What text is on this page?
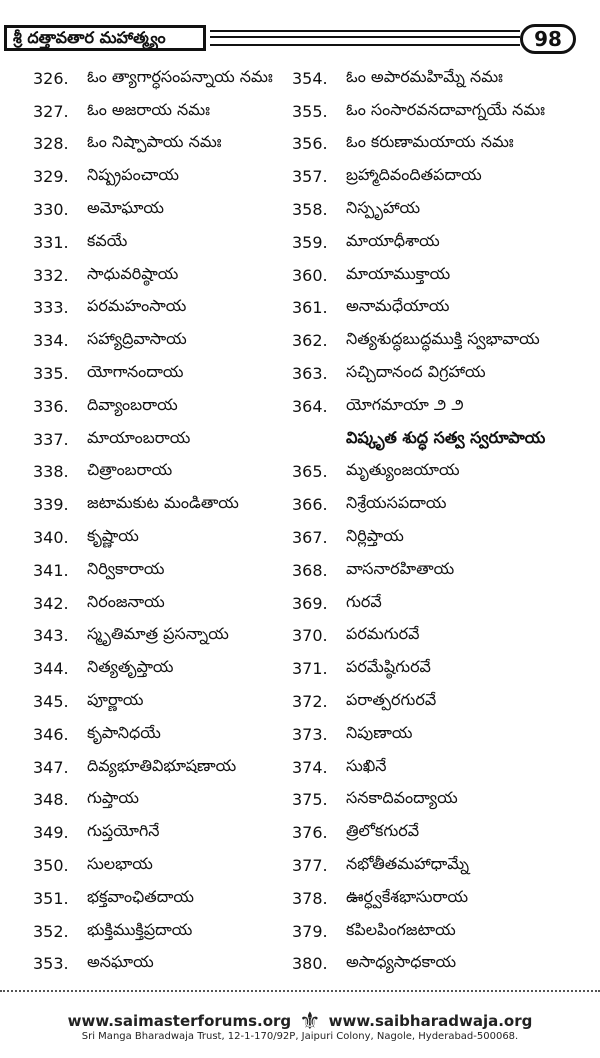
శ్రీ దత్తావతార మహాత్మ్యం	98
326.	ఓం త్యాగార్ధసంపన్నాయ నమః
327.	ఓం అజరాయ నమః
328.	ఓం నిష్పాపాయ నమః
329.	నిష్ప్రపంచాయ
330.	అమోఘాయ
331.	కవయే
332.	సాధువరిష్ఠాయ
333.	పరమహంసాయ
334.	సహ్యాద్రివాసాయ
335.	యోగానందాయ
336.	దివ్యాంబరాయ
337.	మాయాంబరాయ
338.	చిత్రాంబరాయ
339.	జటామకుట మండితాయ
340.	కృష్ణాయ
341.	నిర్వికారాయ
342.	నిరంజనాయ
343.	స్మృతిమాత్ర ప్రసన్నాయ
344.	నిత్యతృప్తాయ
345.	పూర్ణాయ
346.	కృపానిధయే
347.	దివ్యభూతివిభూషణాయ
348.	గుప్తాయ
349.	గుప్తయోగినే
350.	సులభాయ
351.	భక్తవాంఛితదాయ
352.	భుక్తిముక్తిప్రదాయ
353.	అనఘాయ
354.	ఓం అపారమహిమ్నే నమః
355.	ఓం సంసారవనదావాగ్నయే నమః
356.	ఓం కరుణామయాయ నమః
357.	బ్రహ్మాదివందితపదాయ
358.	నిస్పృహాయ
359.	మాయాధీశాయ
360.	మాయాముక్తాయ
361.	అనామధేయాయ
362.	నిత్యశుద్ధబుద్ధముక్తి స్వభావాయ
363.	సచ్చిదానంద విగ్రహాయ
364.	యోగమాయా ౨ ౨
విష్కృత శుద్ధ సత్వ స్వరూపాయ
365.	మృత్యుంజయాయ
366.	నిశ్రేయసపదాయ
367.	నిర్లిప్తాయ
368.	వాసనారహితాయ
369.	గురవే
370.	పరమగురవే
371.	పరమేష్ఠిగురవే
372.	పరాత్పరగురవే
373.	నిపుణాయ
374.	సుఖినే
375.	సనకాదివంద్యాయ
376.	త్రిలోకగురవే
377.	నభోతీతమహాధామ్నే
378.	ఊర్ధ్వకేశభాసురాయ
379.	కపిలపింగజటాయ
380.	అసాధ్యసాధకాయ
www.saimasterforums.org ⚜ www.saibharadwaja.org
Sri Manga Bharadwaja Trust, 12-1-170/92P, Jaipuri Colony, Nagole, Hyderabad-500068.
